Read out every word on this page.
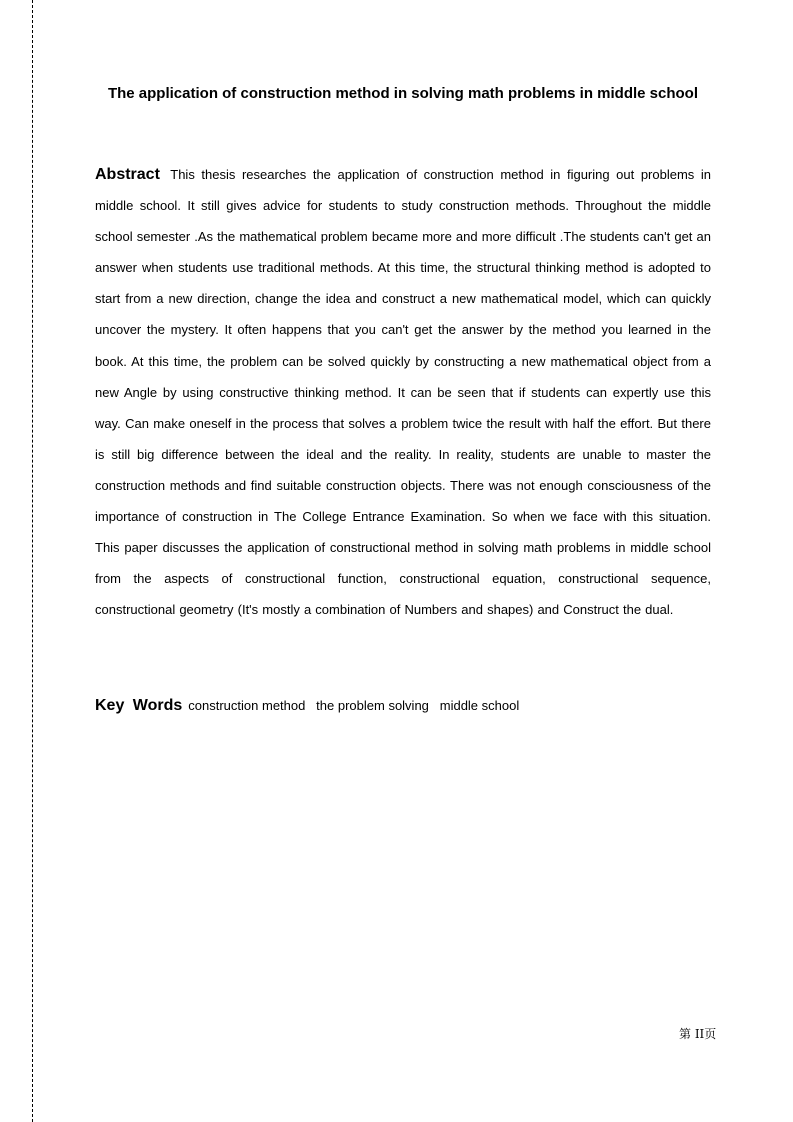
The application of construction method in solving math problems in middle school

Abstract This thesis researches the application of construction method in figuring out problems in middle school. It still gives advice for students to study construction methods. Throughout the middle school semester .As the mathematical problem became more and more difficult .The students can't get an answer when students use traditional methods. At this time, the structural thinking method is adopted to start from a new direction, change the idea and construct a new mathematical model, which can quickly uncover the mystery. It often happens that you can't get the answer by the method you learned in the book. At this time, the problem can be solved quickly by constructing a new mathematical object from a new Angle by using constructive thinking method. It can be seen that if students can expertly use this way. Can make oneself in the process that solves a problem twice the result with half the effort. But there is still big difference between the ideal and the reality. In reality, students are unable to master the construction methods and find suitable construction objects. There was not enough consciousness of the importance of construction in The College Entrance Examination. So when we face with this situation. This paper discusses the application of constructional method in solving math problems in middle school from the aspects of constructional function, constructional equation, constructional sequence, constructional geometry (It's mostly a combination of Numbers and shapes) and Construct the dual.

Key Words construction method   the problem solving   middle school

第 II页
